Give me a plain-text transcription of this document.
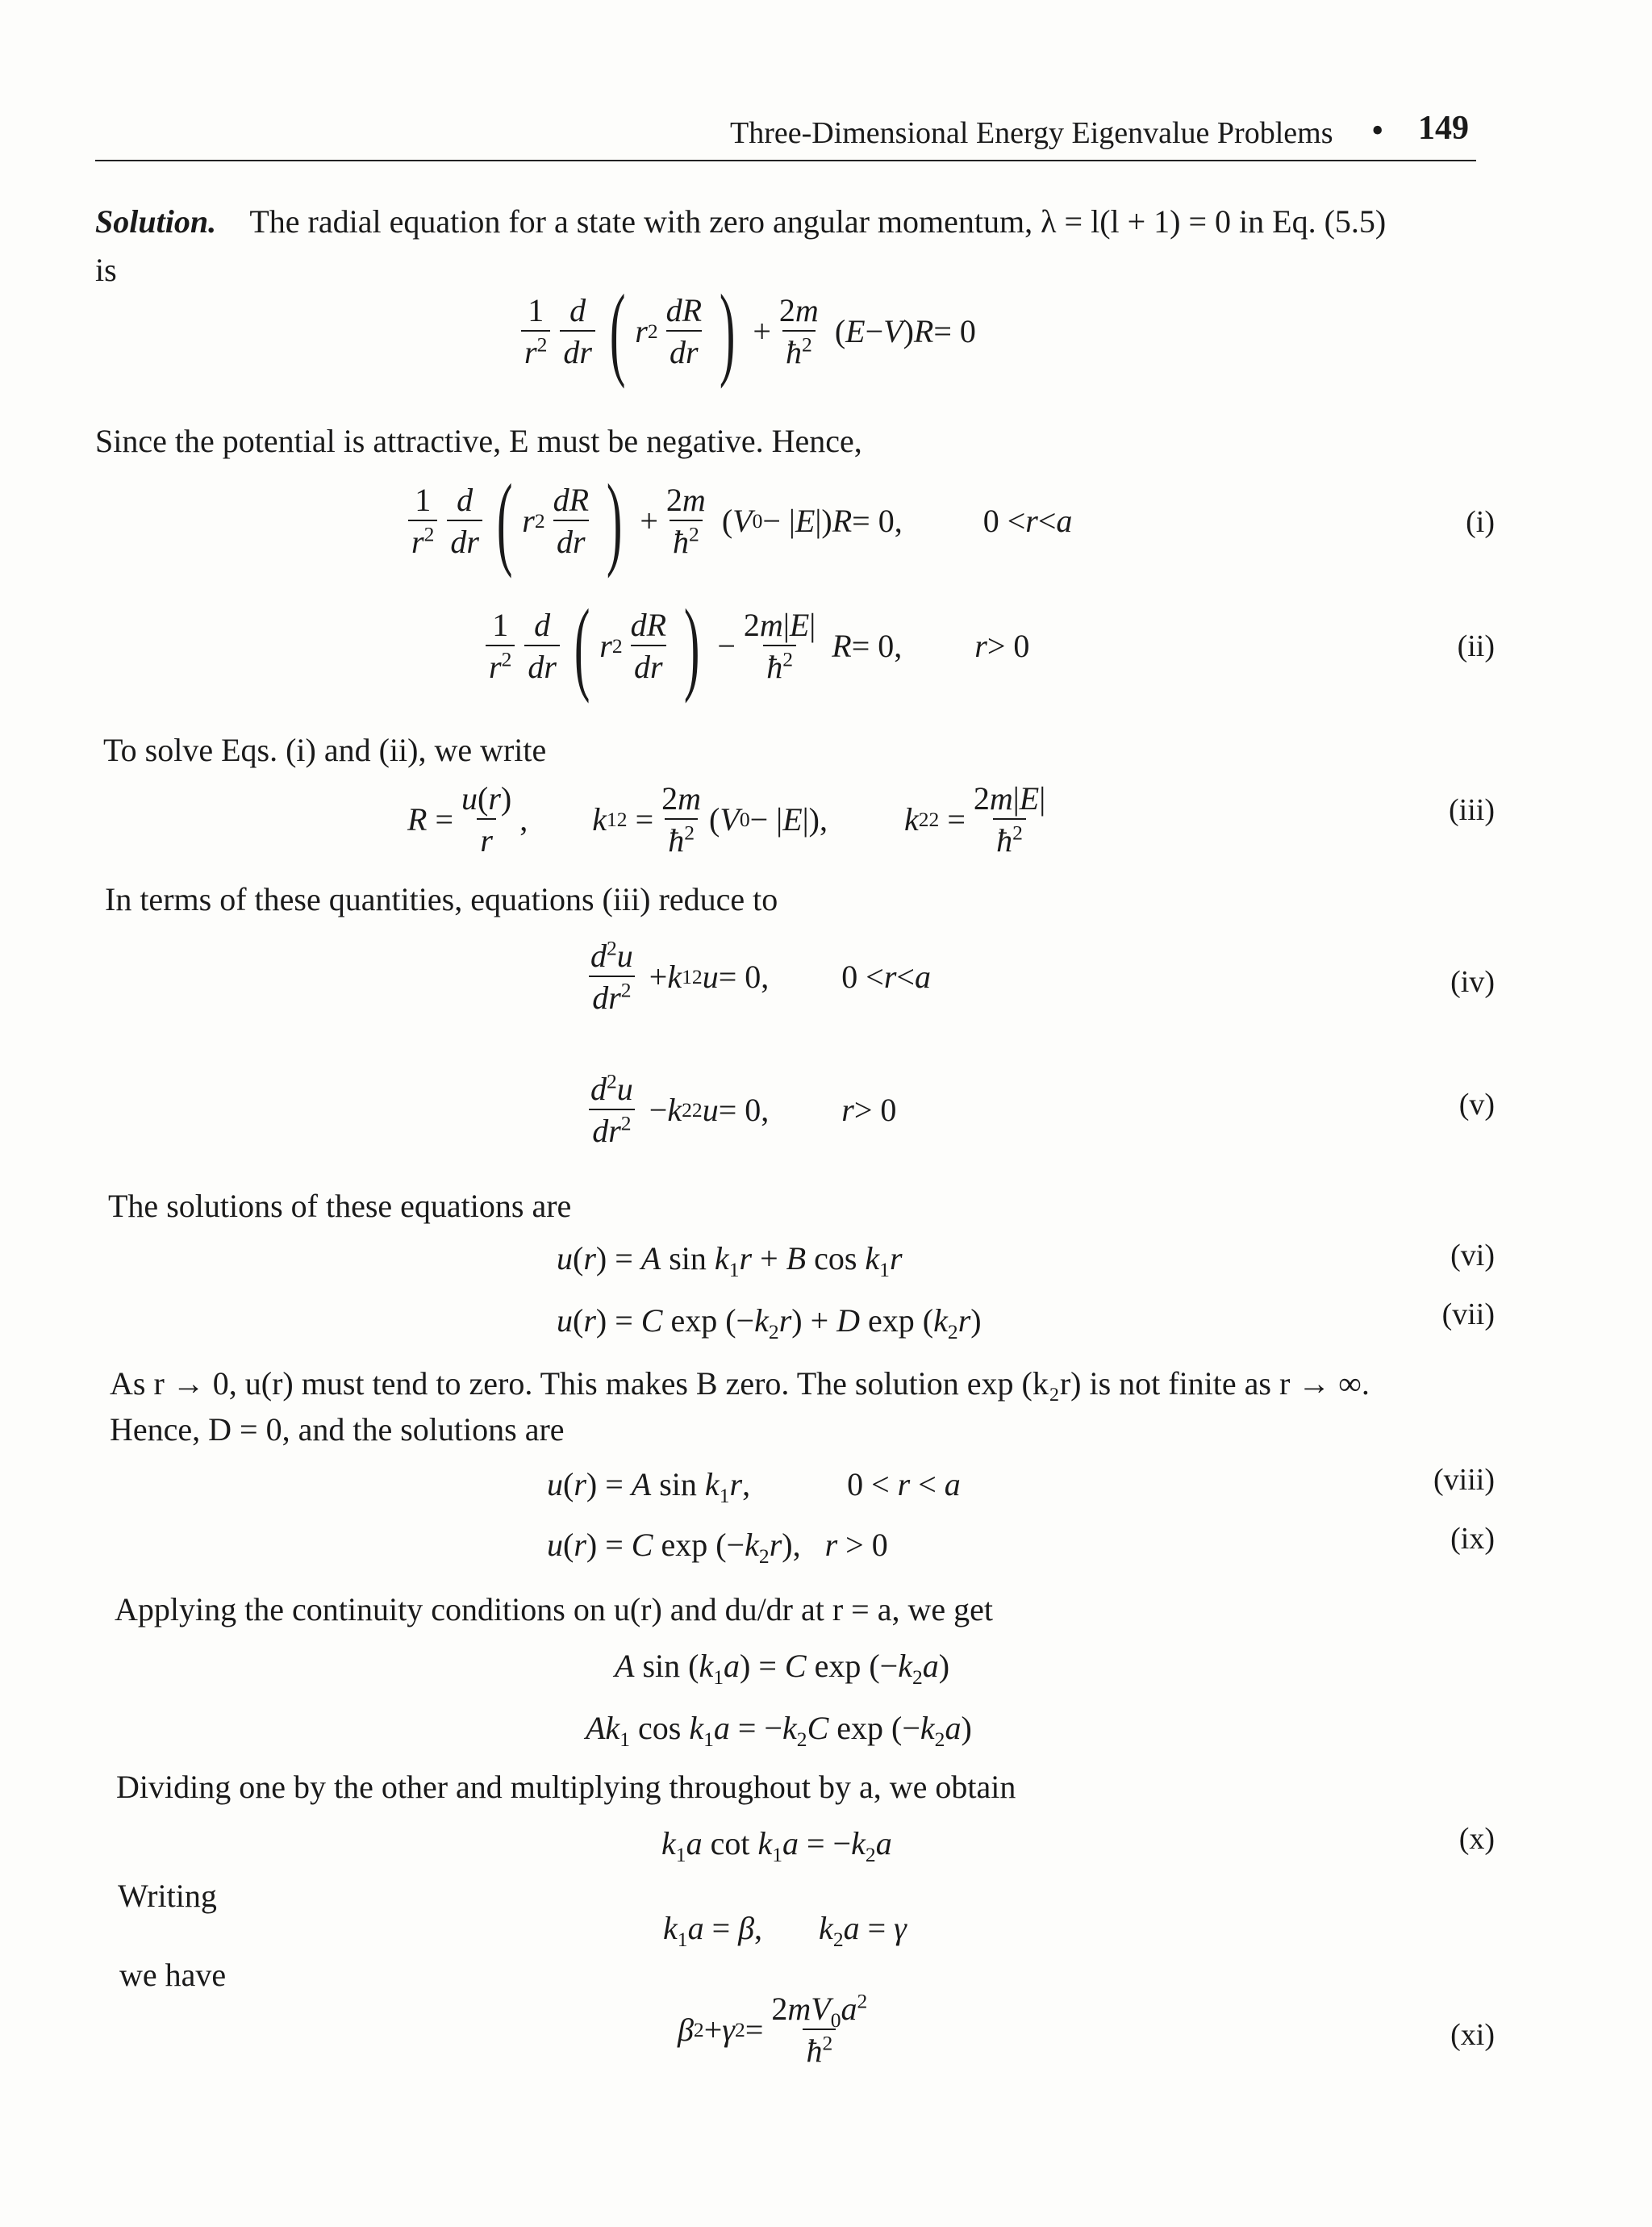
Three-Dimensional Energy Eigenvalue Problems • 149
Solution. The radial equation for a state with zero angular momentum, λ = l(l + 1) = 0 in Eq. (5.5)
is
$\frac{1}{r^2} \frac{d}{dr}$ ( r $2 \frac{dR}{dr}$ ) + $\frac{2m}{ħ^2}$ ( E − V ) R = 0
Since the potential is attractive, E must be negative. Hence,
$\frac{1}{r^2} \frac{d}{dr}$ ( r $2 \frac{dR}{dr}$ ) + $\frac{2m}{ħ^2}$ ( V 0 − | E |) R = 0,	0 < r < a	(i)
$\frac{1}{r^2} \frac{d}{dr}$ ( r $2 \frac{dR}{dr}$ ) − $\frac{2m|E|}{ħ^2}$
R = 0, r > 0	(ii)
To solve Eqs. (i) and (ii), we write
$R = \frac{u(r)}{r}$ , k 1 $2 = \frac{2m}{ħ^2}$ ( V 0 − | E |), k 2 $2 = \frac{2m|E|}{ħ^2}$	(iii)
In terms of these quantities, equations (iii) reduce to
$\frac{d^2u}{dr^2} + k$ 1 2 u = 0,
0 < r < a	(iv)
$\frac{d^2u}{dr^2} - k$ 2 2 u = 0, r > 0	(v)
The solutions of these equations are
u(r) = A $\sin k_1r + B$ $\cos k_1r$	(vi)
u(r) = C $\exp (-k_2r) + D$ $\exp (k_2r)$	(vii)
As r → 0, u(r) must tend to zero. This makes B zero. The solution exp (k₂r) is not finite as r → ∞.
Hence, D = 0, and the solutions are
u(r) = A $\sin k_1r$,	0 < r < a	(viii)
u(r) = C $\exp (-k_2r)$, r > 0	(ix)
Applying the continuity conditions on u(r) and du/dr at r = a, we get
A $\sin (k_1a) = C$ $\exp (-k_2a)$
$Ak_1$ $\cos k_1a = -k_2C$ $\exp (-k_2a)$
Dividing one by the other and multiplying throughout by a, we obtain
$k_1a$ $\cot k_1a = -k_2a$	(x)
Writing
$k_1a = \beta$, $k_2a = \gamma$
we have
β 2 + γ $2 = \frac{2mV_0a^2}{ħ^2}$	(xi)
